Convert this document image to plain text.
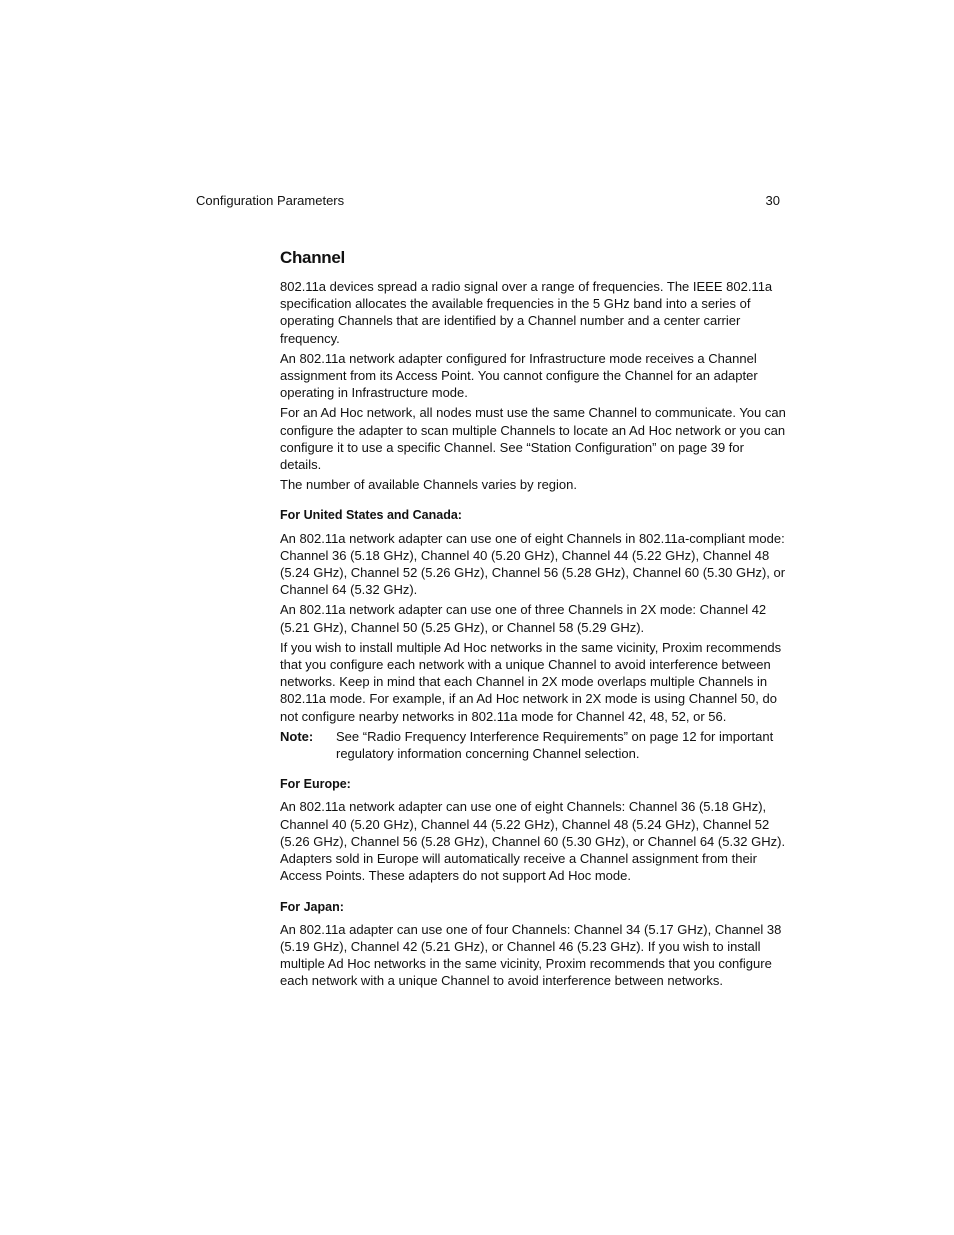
Configuration Parameters	30
Channel

802.11a devices spread a radio signal over a range of frequencies. The IEEE 802.11a specification allocates the available frequencies in the 5 GHz band into a series of operating Channels that are identified by a Channel number and a center carrier frequency.

An 802.11a network adapter configured for Infrastructure mode receives a Channel assignment from its Access Point. You cannot configure the Channel for an adapter operating in Infrastructure mode.

For an Ad Hoc network, all nodes must use the same Channel to communicate. You can configure the adapter to scan multiple Channels to locate an Ad Hoc network or you can configure it to use a specific Channel. See “Station Configuration” on page 39 for details.

The number of available Channels varies by region.

For United States and Canada:

An 802.11a network adapter can use one of eight Channels in 802.11a-compliant mode: Channel 36 (5.18 GHz), Channel 40 (5.20 GHz), Channel 44 (5.22 GHz), Channel 48 (5.24 GHz), Channel 52 (5.26 GHz), Channel 56 (5.28 GHz), Channel 60 (5.30 GHz), or Channel 64 (5.32 GHz).

An 802.11a network adapter can use one of three Channels in 2X mode: Channel 42 (5.21 GHz), Channel 50 (5.25 GHz), or Channel 58 (5.29 GHz).

If you wish to install multiple Ad Hoc networks in the same vicinity, Proxim recommends that you configure each network with a unique Channel to avoid interference between networks. Keep in mind that each Channel in 2X mode overlaps multiple Channels in 802.11a mode. For example, if an Ad Hoc network in 2X mode is using Channel 50, do not configure nearby networks in 802.11a mode for Channel 42, 48, 52, or 56.

Note:	See “Radio Frequency Interference Requirements” on page 12 for important regulatory information concerning Channel selection.
For Europe:

An 802.11a network adapter can use one of eight Channels: Channel 36 (5.18 GHz), Channel 40 (5.20 GHz), Channel 44 (5.22 GHz), Channel 48 (5.24 GHz), Channel 52 (5.26 GHz), Channel 56 (5.28 GHz), Channel 60 (5.30 GHz), or Channel 64 (5.32 GHz). Adapters sold in Europe will automatically receive a Channel assignment from their Access Points. These adapters do not support Ad Hoc mode.

For Japan:

An 802.11a adapter can use one of four Channels: Channel 34 (5.17 GHz), Channel 38 (5.19 GHz), Channel 42 (5.21 GHz), or Channel 46 (5.23 GHz). If you wish to install multiple Ad Hoc networks in the same vicinity, Proxim recommends that you configure each network with a unique Channel to avoid interference between networks.
